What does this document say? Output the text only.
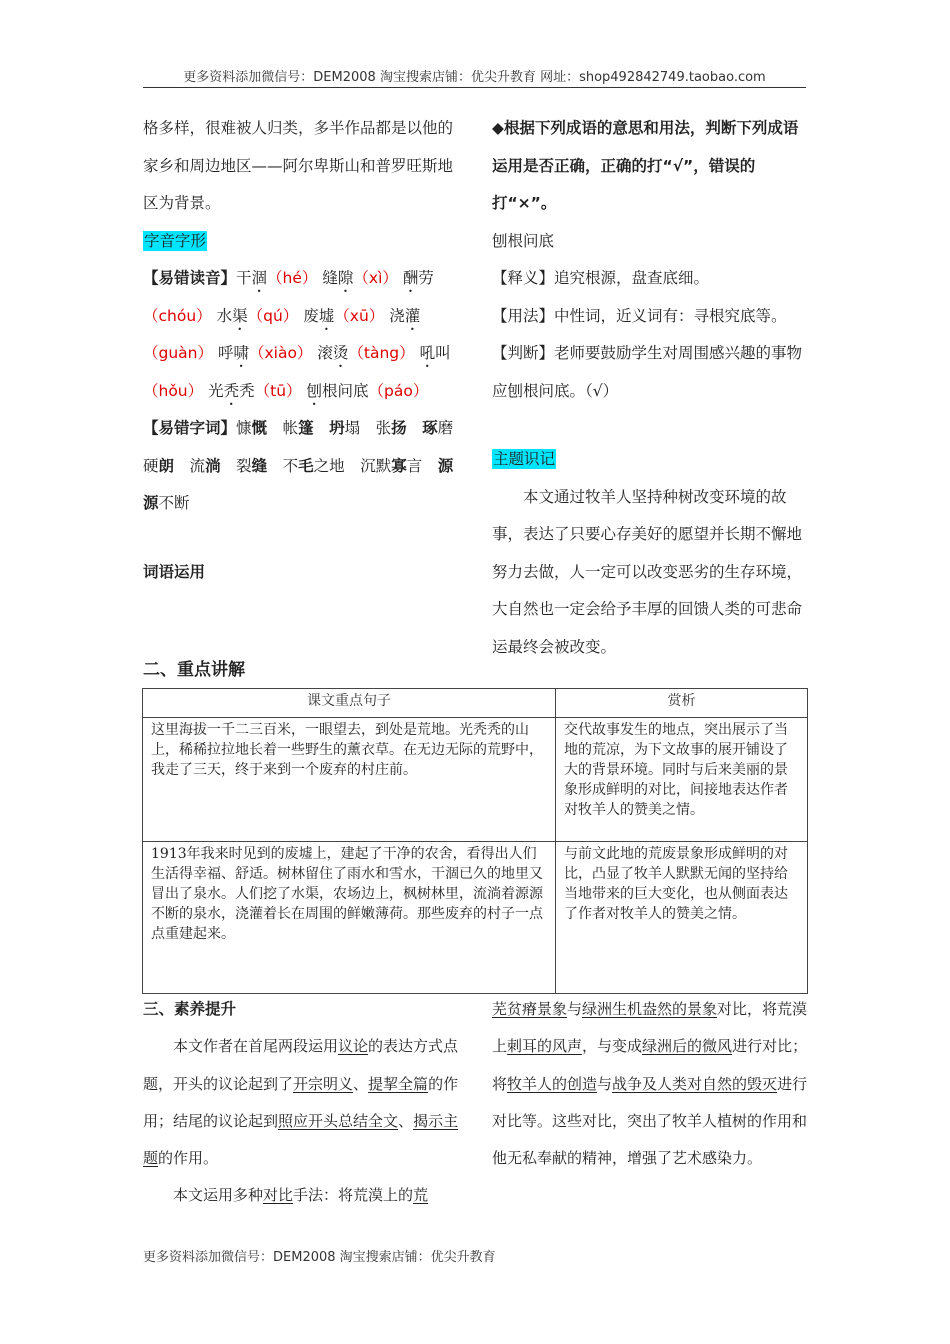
更多资料添加微信号：DEM2008 淘宝搜索店铺：优尖升教育 网址：shop492842749.taobao.com

格多样，很难被人归类，多半作品都是以他的家乡和周边地区——阿尔卑斯山和普罗旺斯地区为背景。

字音字形

【易错读音】干涸（hé） 缝隙（xì） 酬劳（chóu） 水渠（qú） 废墟（xū） 浇灌（guàn） 呼啸（xiào） 滚烫（tàng） 吼叫（hǒu） 光秃秃（tū） 刨根问底（páo）

【易错字词】慷慨　 帐篷　 坍塌　 张扬　 琢磨　硬朗　 流淌　 裂缝　 不毛之地　 沉默寡言　 源源不断　

词语运用

◆根据下列成语的意思和用法，判断下列成语运用是否正确，正确的打“√”，错误的打“×”。

刨根问底

【释义】追究根源，盘查底细。

【用法】中性词，近义词有：寻根究底等。

【判断】老师要鼓励学生对周围感兴趣的事物应刨根问底。（√）

主题识记

本文通过牧羊人坚持种树改变环境的故事，表达了只要心存美好的愿望并长期不懈地努力去做，人一定可以改变恶劣的生存环境，大自然也一定会给予丰厚的回馈人类的可悲命运最终会被改变。

二、重点讲解
课文重点句子	赏析
这里海拔一千二三百米，一眼望去，到处是荒地。光秃秃的山上，稀稀拉拉地长着一些野生的薰衣草。在无边无际的荒野中，我走了三天，终于来到一个废弃的村庄前。	交代故事发生的地点，突出展示了当地的荒凉，为下文故事的展开铺设了大的背景环境。同时与后来美丽的景象形成鲜明的对比，间接地表达作者对牧羊人的赞美之情。
1913年我来时见到的废墟上，建起了干净的农舍，看得出人们生活得幸福、舒适。树林留住了雨水和雪水，干涸已久的地里又冒出了泉水。人们挖了水渠，农场边上，枫树林里，流淌着源源不断的泉水，浇灌着长在周围的鲜嫩薄荷。那些废弃的村子一点点重建起来。	与前文此地的荒废景象形成鲜明的对比，凸显了牧羊人默默无闻的坚持给当地带来的巨大变化，也从侧面表达了作者对牧羊人的赞美之情。
三、素养提升

本文作者在首尾两段运用议论的表达方式点题，开头的议论起到了开宗明义、提挈全篇的作用；结尾的议论起到照应开头总结全文、揭示主题的作用。

本文运用多种对比手法：将荒漠上的荒

芜贫瘠景象与绿洲生机盎然的景象对比，将荒漠上刺耳的风声，与变成绿洲后的微风进行对比；将牧羊人的创造与战争及人类对自然的毁灭进行对比等。这些对比，突出了牧羊人植树的作用和他无私奉献的精神，增强了艺术感染力。

更多资料添加微信号：DEM2008 淘宝搜索店铺：优尖升教育
